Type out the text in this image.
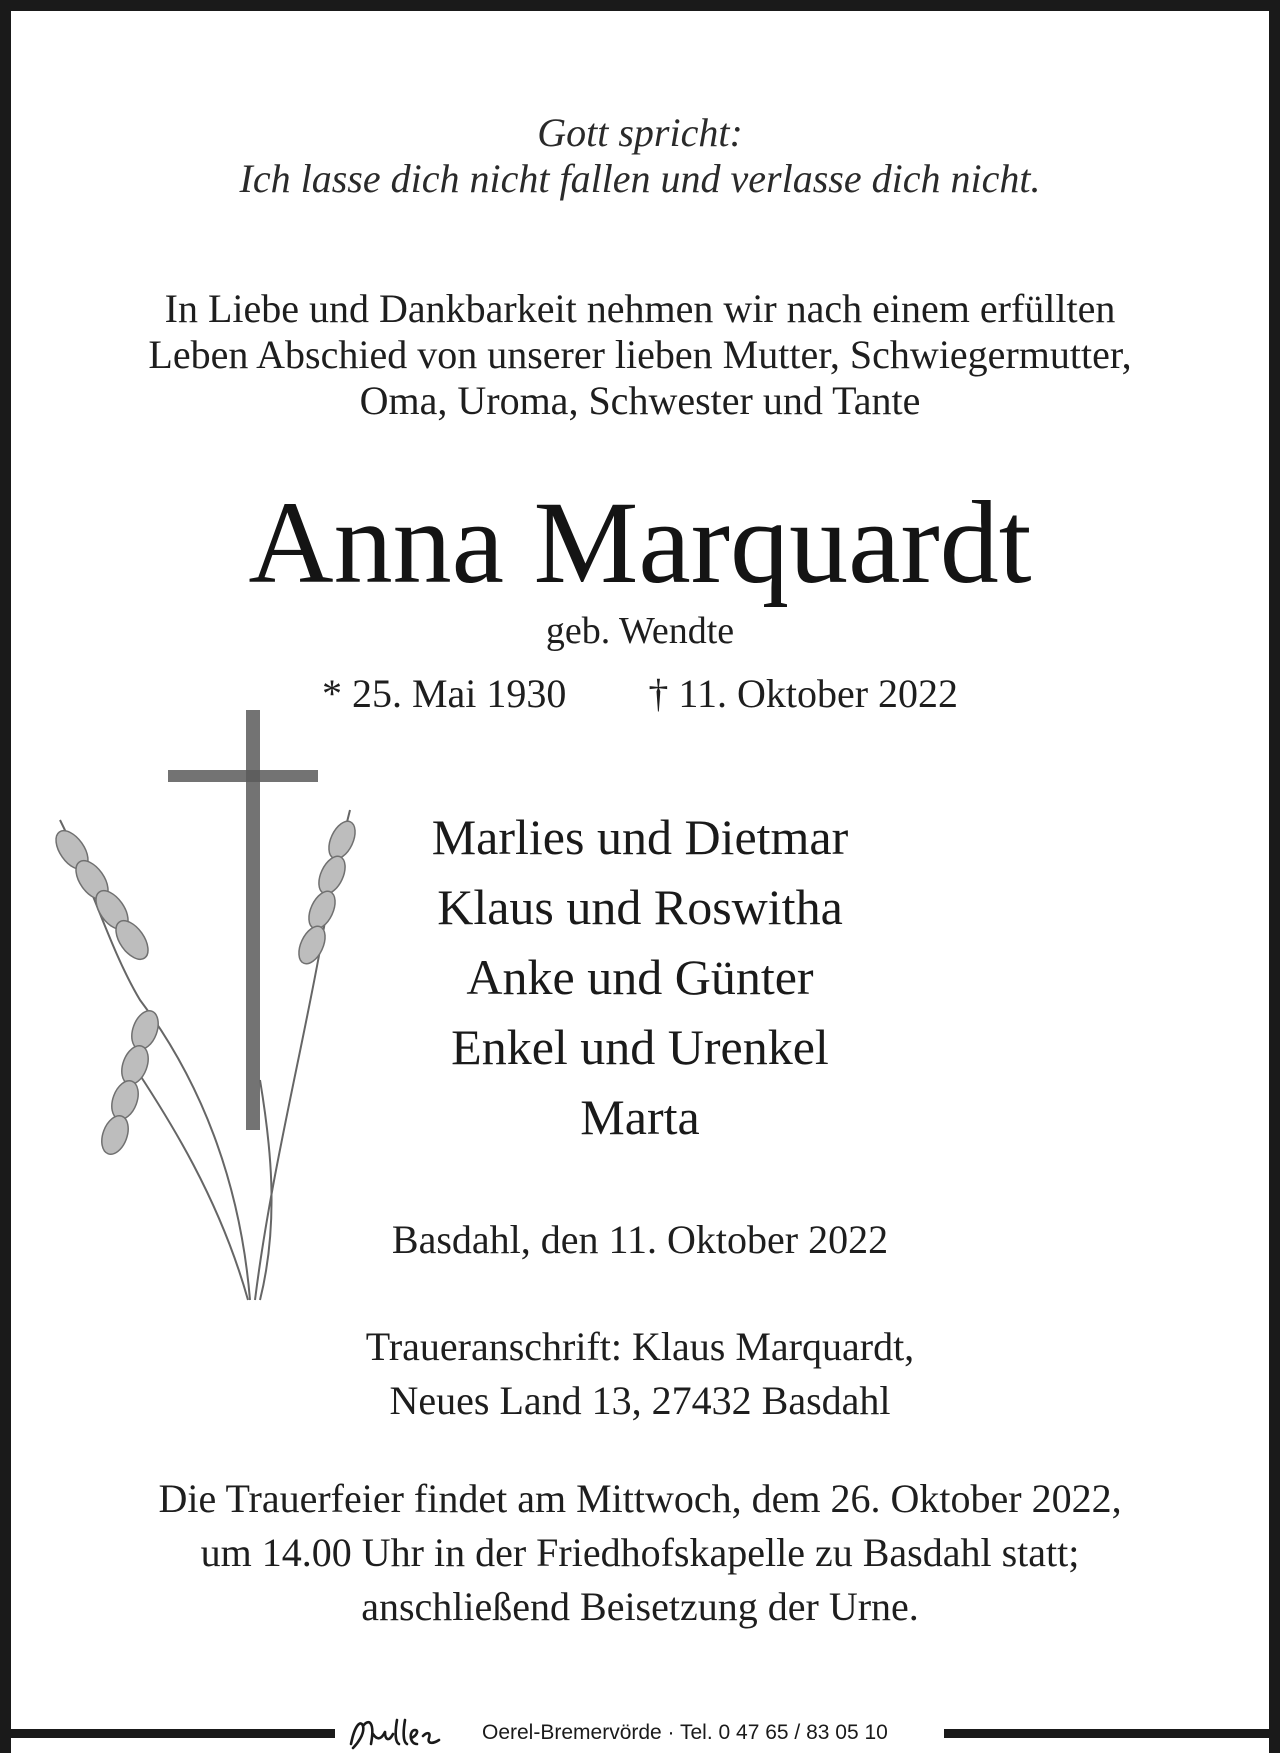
Gott spricht:
Ich lasse dich nicht fallen und verlasse dich nicht.
In Liebe und Dankbarkeit nehmen wir nach einem erfüllten
Leben Abschied von unserer lieben Mutter, Schwiegermutter,
Oma, Uroma, Schwester und Tante
Anna Marquardt
geb. Wendte
* 25. Mai 1930 † 11. Oktober 2022
Marlies und Dietmar
Klaus und Roswitha
Anke und Günter
Enkel und Urenkel
Marta
Basdahl, den 11. Oktober 2022
Traueranschrift: Klaus Marquardt,
Neues Land 13, 27432 Basdahl
Die Trauerfeier findet am Mittwoch, dem 26. Oktober 2022,
um 14.00 Uhr in der Friedhofskapelle zu Basdahl statt;
anschließend Beisetzung der Urne.
Oerel-Bremervörde · Tel. 0 47 65 / 83 05 10
